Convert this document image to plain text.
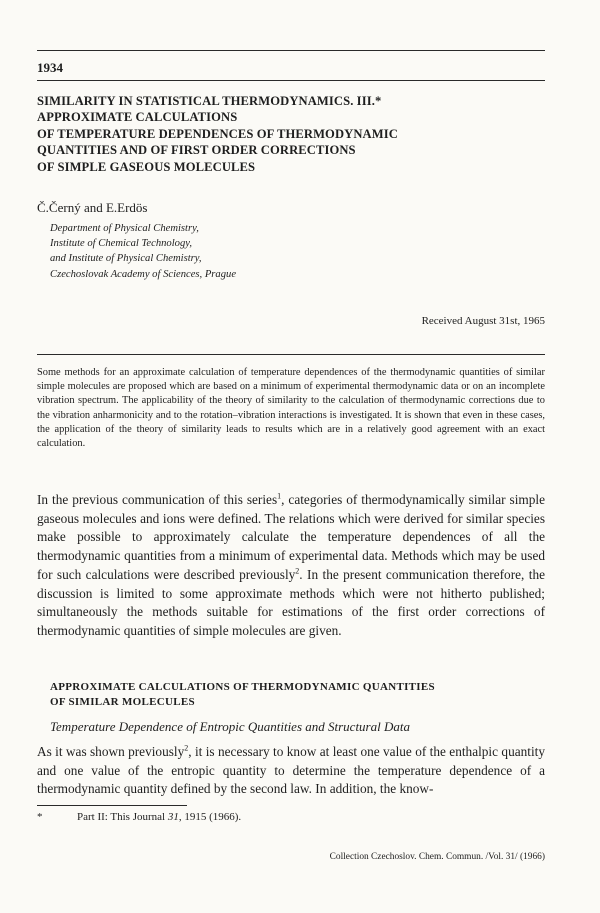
1934
SIMILARITY IN STATISTICAL THERMODYNAMICS. III.*
APPROXIMATE CALCULATIONS
OF TEMPERATURE DEPENDENCES OF THERMODYNAMIC
QUANTITIES AND OF FIRST ORDER CORRECTIONS
OF SIMPLE GASEOUS MOLECULES
Č.Černý and E.Erdös
Department of Physical Chemistry,
Institute of Chemical Technology,
and Institute of Physical Chemistry,
Czechoslovak Academy of Sciences, Prague
Received August 31st, 1965
Some methods for an approximate calculation of temperature dependences of the thermodynamic quantities of similar simple molecules are proposed which are based on a minimum of experimental thermodynamic data or on an incomplete vibration spectrum. The applicability of the theory of similarity to the calculation of thermodynamic corrections due to the vibration anharmonicity and to the rotation–vibration interactions is investigated. It is shown that even in these cases, the application of the theory of similarity leads to results which are in a relatively good agreement with an exact calculation.
In the previous communication of this series$^1$, categories of thermodynamically similar simple gaseous molecules and ions were defined. The relations which were derived for similar species make possible to approximately calculate the temperature dependences of all the thermodynamic quantities from a minimum of experimental data. Methods which may be used for such calculations were described previously$^2$. In the present communication therefore, the discussion is limited to some approximate methods which were not hitherto published; simultaneously the methods suitable for estimations of the first order corrections of thermodynamic quantities of simple molecules are given.
APPROXIMATE CALCULATIONS OF THERMODYNAMIC QUANTITIES
OF SIMILAR MOLECULES
Temperature Dependence of Entropic Quantities and Structural Data
As it was shown previously$^2$, it is necessary to know at least one value of the enthalpic quantity and one value of the entropic quantity to determine the temperature dependence of a thermodynamic quantity defined by the second law. In addition, the know-
*	Part II: This Journal 31, 1915 (1966).
Collection Czechoslov. Chem. Commun. /Vol. 31/ (1966)
